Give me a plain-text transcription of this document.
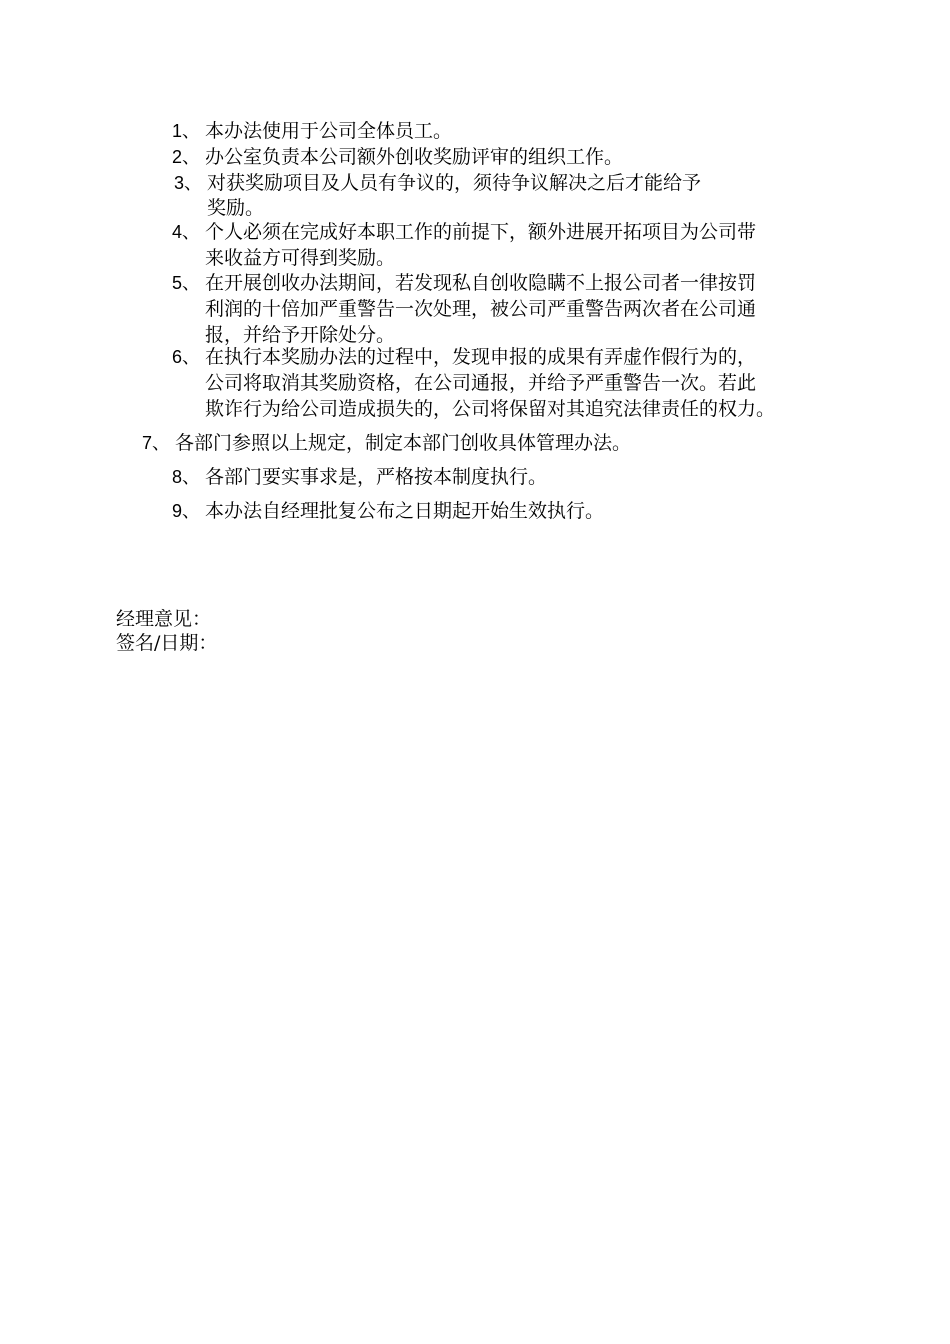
1、 本办法使用于公司全体员工。
2、 办公室负责本公司额外创收奖励评审的组织工作。
3、 对获奖励项目及人员有争议的，须待争议解决之后才能给予
奖励。
4、 个人必须在完成好本职工作的前提下，额外进展开拓项目为公司带
来收益方可得到奖励。
5、 在开展创收办法期间，若发现私自创收隐瞒不上报公司者一律按罚
利润的十倍加严重警告一次处理，被公司严重警告两次者在公司通
报，并给予开除处分。
6、 在执行本奖励办法的过程中，发现申报的成果有弄虚作假行为的，
公司将取消其奖励资格，在公司通报，并给予严重警告一次。若此
欺诈行为给公司造成损失的，公司将保留对其追究法律责任的权力。
7、 各部门参照以上规定，制定本部门创收具体管理办法。
8、 各部门要实事求是，严格按本制度执行。
9、 本办法自经理批复公布之日期起开始生效执行。
经理意见：
签名/日期：
